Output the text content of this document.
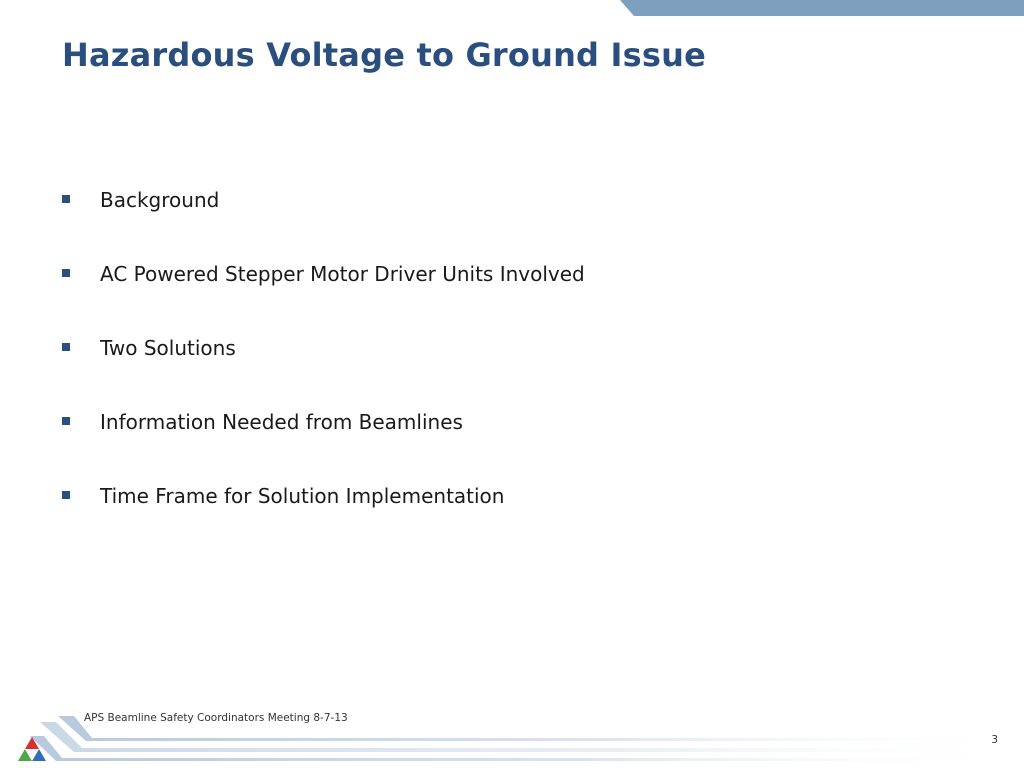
Hazardous Voltage to Ground Issue
Background
AC Powered Stepper Motor Driver Units Involved
Two Solutions
Information Needed from Beamlines
Time Frame for Solution Implementation
APS Beamline Safety Coordinators Meeting 8-7-13
3
